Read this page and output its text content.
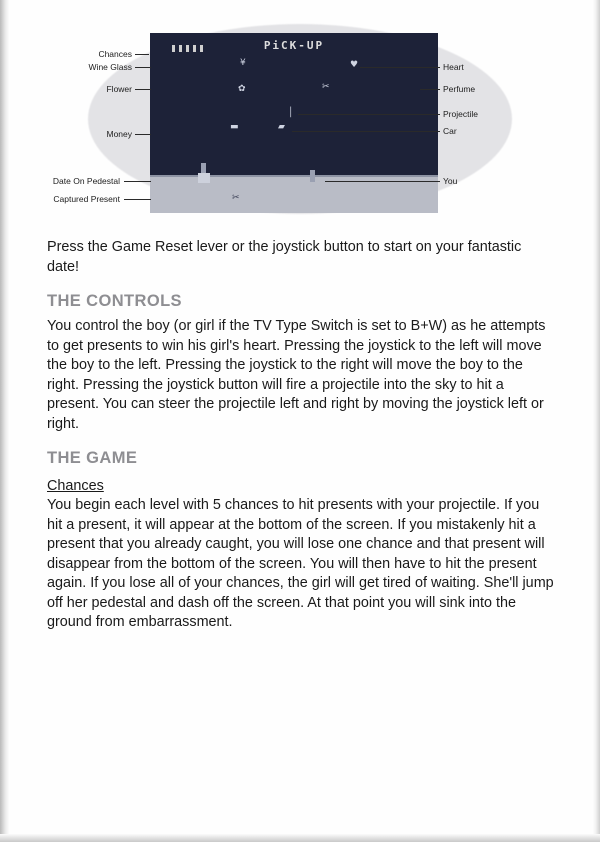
PiCK-UP
¥	♥
✿	✂
│
▬	▰
✂
Chances
Wine Glass
Flower
Money
Date On Pedestal
Captured Present
Heart
Perfume
Projectile
Car
You

Press the Game Reset lever or the joystick button to start on your fantastic date!

THE CONTROLS

You control the boy (or girl if the TV Type Switch is set to B+W) as he attempts to get presents to win his girl's heart. Pressing the joystick to the left will move the boy to the left. Pressing the joystick to the right will move the boy to the right. Pressing the joystick button will fire a projectile into the sky to hit a present. You can steer the projectile left and right by moving the joystick left or right.

THE GAME
Chances

You begin each level with 5 chances to hit presents with your projectile. If you hit a present, it will appear at the bottom of the screen. If you mistakenly hit a present that you already caught, you will lose one chance and that present will disappear from the bottom of the screen. You will then have to hit the present again. If you lose all of your chances, the girl will get tired of waiting. She'll jump off her pedestal and dash off the screen. At that point you will sink into the ground from embarrassment.
